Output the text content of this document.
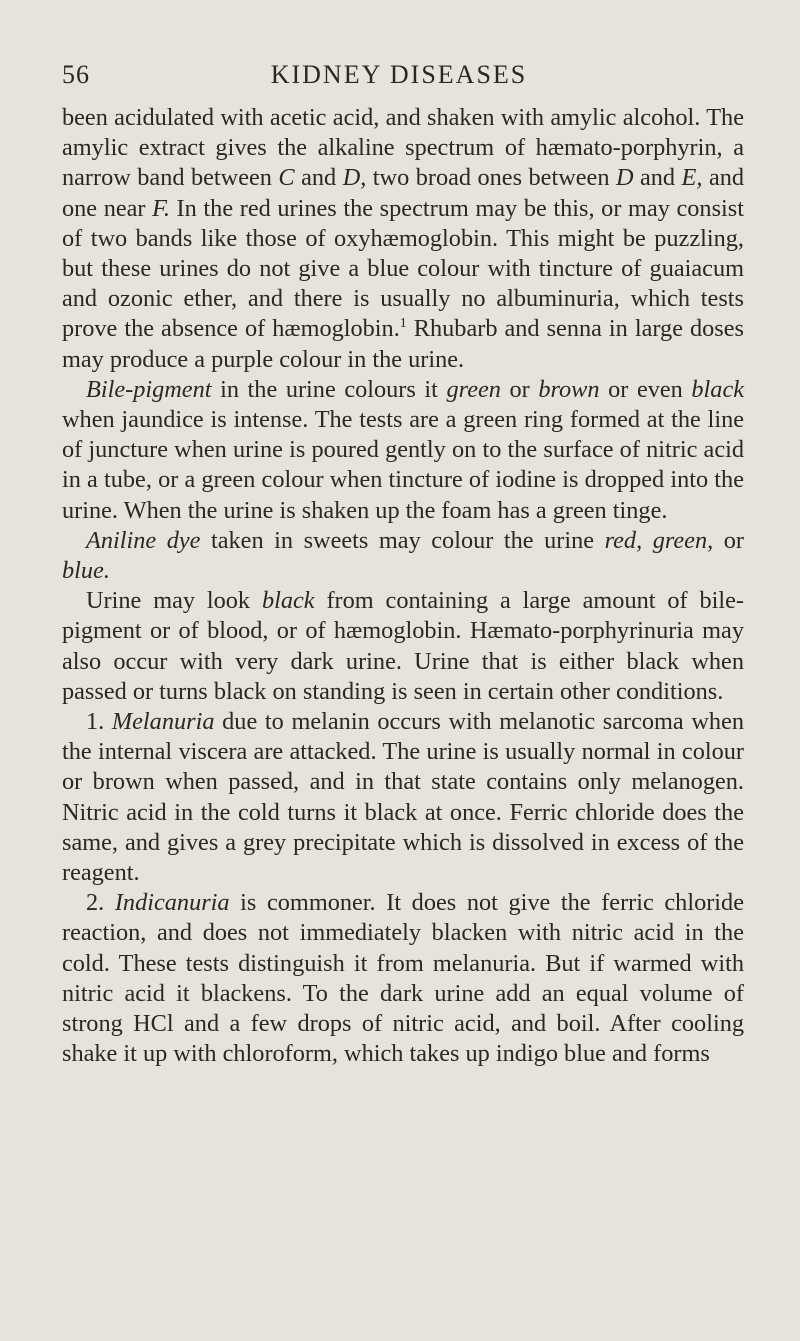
56	KIDNEY DISEASES

been acidulated with acetic acid, and shaken with amylic alcohol. The amylic extract gives the alkaline spectrum of hæmato-porphyrin, a narrow band between C and D, two broad ones between D and E, and one near F. In the red urines the spectrum may be this, or may consist of two bands like those of oxyhæmoglobin. This might be puzzling, but these urines do not give a blue colour with tincture of guaiacum and ozonic ether, and there is usually no albuminuria, which tests prove the absence of hæmoglobin.$^1$ Rhubarb and senna in large doses may produce a purple colour in the urine.

Bile-pigment in the urine colours it green or brown or even black when jaundice is intense. The tests are a green ring formed at the line of juncture when urine is poured gently on to the surface of nitric acid in a tube, or a green colour when tincture of iodine is dropped into the urine. When the urine is shaken up the foam has a green tinge.

Aniline dye taken in sweets may colour the urine red, green, or blue.

Urine may look black from containing a large amount of bile-pigment or of blood, or of hæmoglobin. Hæmato-porphyrinuria may also occur with very dark urine. Urine that is either black when passed or turns black on standing is seen in certain other conditions.

1. Melanuria due to melanin occurs with melanotic sarcoma when the internal viscera are attacked. The urine is usually normal in colour or brown when passed, and in that state contains only melanogen. Nitric acid in the cold turns it black at once. Ferric chloride does the same, and gives a grey precipitate which is dissolved in excess of the reagent.

2. Indicanuria is commoner. It does not give the ferric chloride reaction, and does not immediately blacken with nitric acid in the cold. These tests distinguish it from melanuria. But if warmed with nitric acid it blackens. To the dark urine add an equal volume of strong HCl and a few drops of nitric acid, and boil. After cooling shake it up with chloroform, which takes up indigo blue and forms
